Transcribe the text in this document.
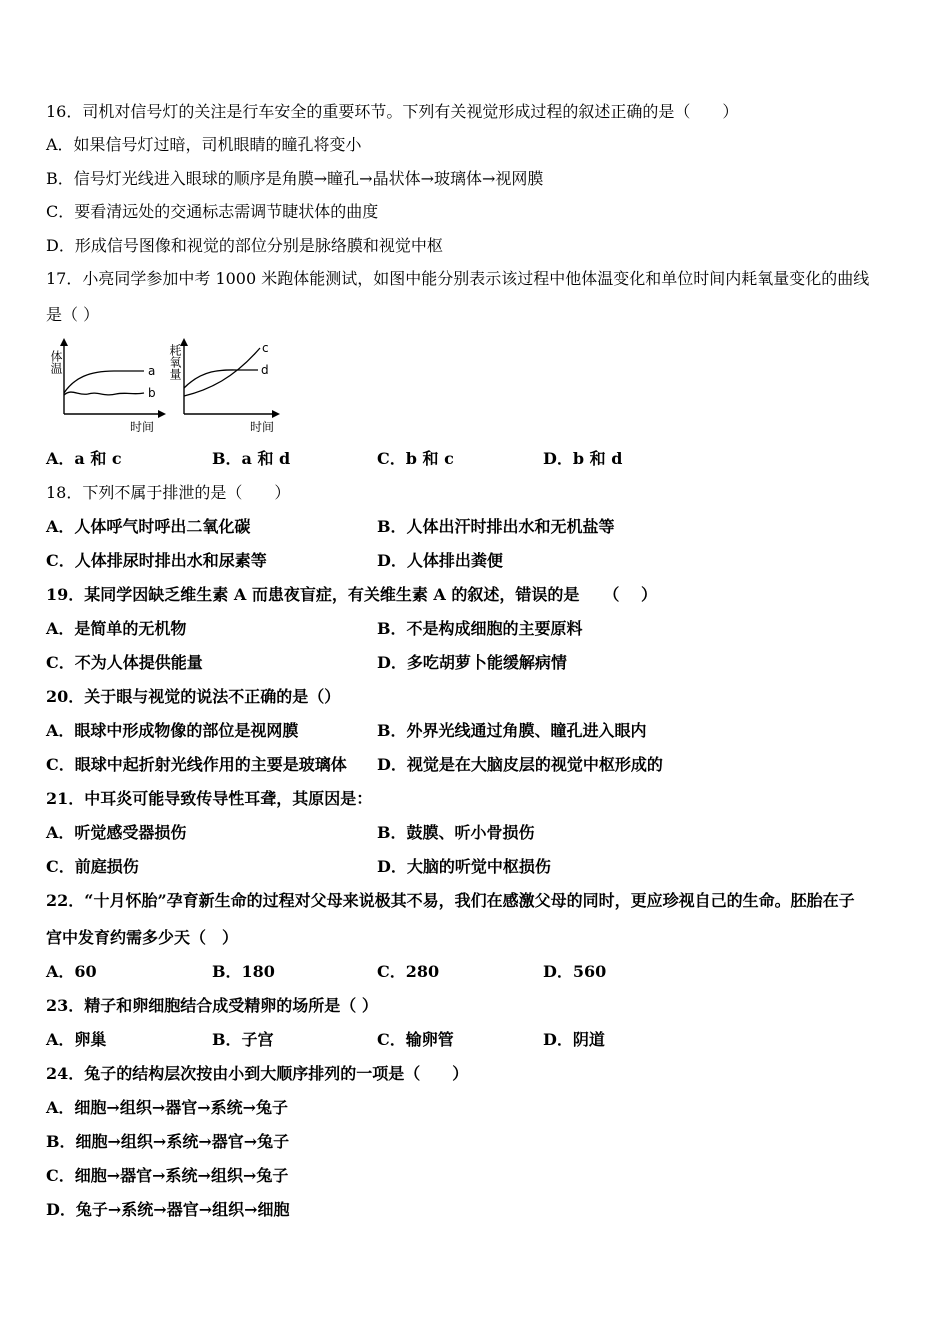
16．司机对信号灯的关注是行车安全的重要环节。下列有关视觉形成过程的叙述正确的是（　　）
A．如果信号灯过暗，司机眼睛的瞳孔将变小
B．信号灯光线进入眼球的顺序是角膜→瞳孔→晶状体→玻璃体→视网膜
C．要看清远处的交通标志需调节睫状体的曲度
D．形成信号图像和视觉的部位分别是脉络膜和视觉中枢
17．小亮同学参加中考 1000 米跑体能测试，如图中能分别表示该过程中他体温变化和单位时间内耗氧量变化的曲线
是（ ）
体温	a
b
时间
耗氧量	c
d
时间
A．a 和 c	B．a 和 d	C．b 和 c	D．b 和 d
18．下列不属于排泄的是（　　）
A．人体呼气时呼出二氧化碳	B．人体出汗时排出水和无机盐等
C．人体排尿时排出水和尿素等	D．人体排出粪便
19．某同学因缺乏维生素 A 而患夜盲症，有关维生素 A 的叙述，错误的是　　（　 ）
A．是简单的无机物	B．不是构成细胞的主要原料
C．不为人体提供能量	D．多吃胡萝卜能缓解病情
20．关于眼与视觉的说法不正确的是（）
A．眼球中形成物像的部位是视网膜	B．外界光线通过角膜、瞳孔进入眼内
C．眼球中起折射光线作用的主要是玻璃体 D．视觉是在大脑皮层的视觉中枢形成的
21．中耳炎可能导致传导性耳聋，其原因是：
A．听觉感受器损伤	B．鼓膜、听小骨损伤
C．前庭损伤	D．大脑的听觉中枢损伤
22．“十月怀胎”孕育新生命的过程对父母来说极其不易，我们在感激父母的同时，更应珍视自己的生命。胚胎在子
宫中发育约需多少天（　）
A．60	B．180	C．280	D．560
23．精子和卵细胞结合成受精卵的场所是（ ）
A．卵巢	B．子宫	C．输卵管	D．阴道
24．兔子的结构层次按由小到大顺序排列的一项是（　　）
A．细胞→组织→器官→系统→兔子
B．细胞→组织→系统→器官→兔子
C．细胞→器官→系统→组织→兔子
D．兔子→系统→器官→组织→细胞
